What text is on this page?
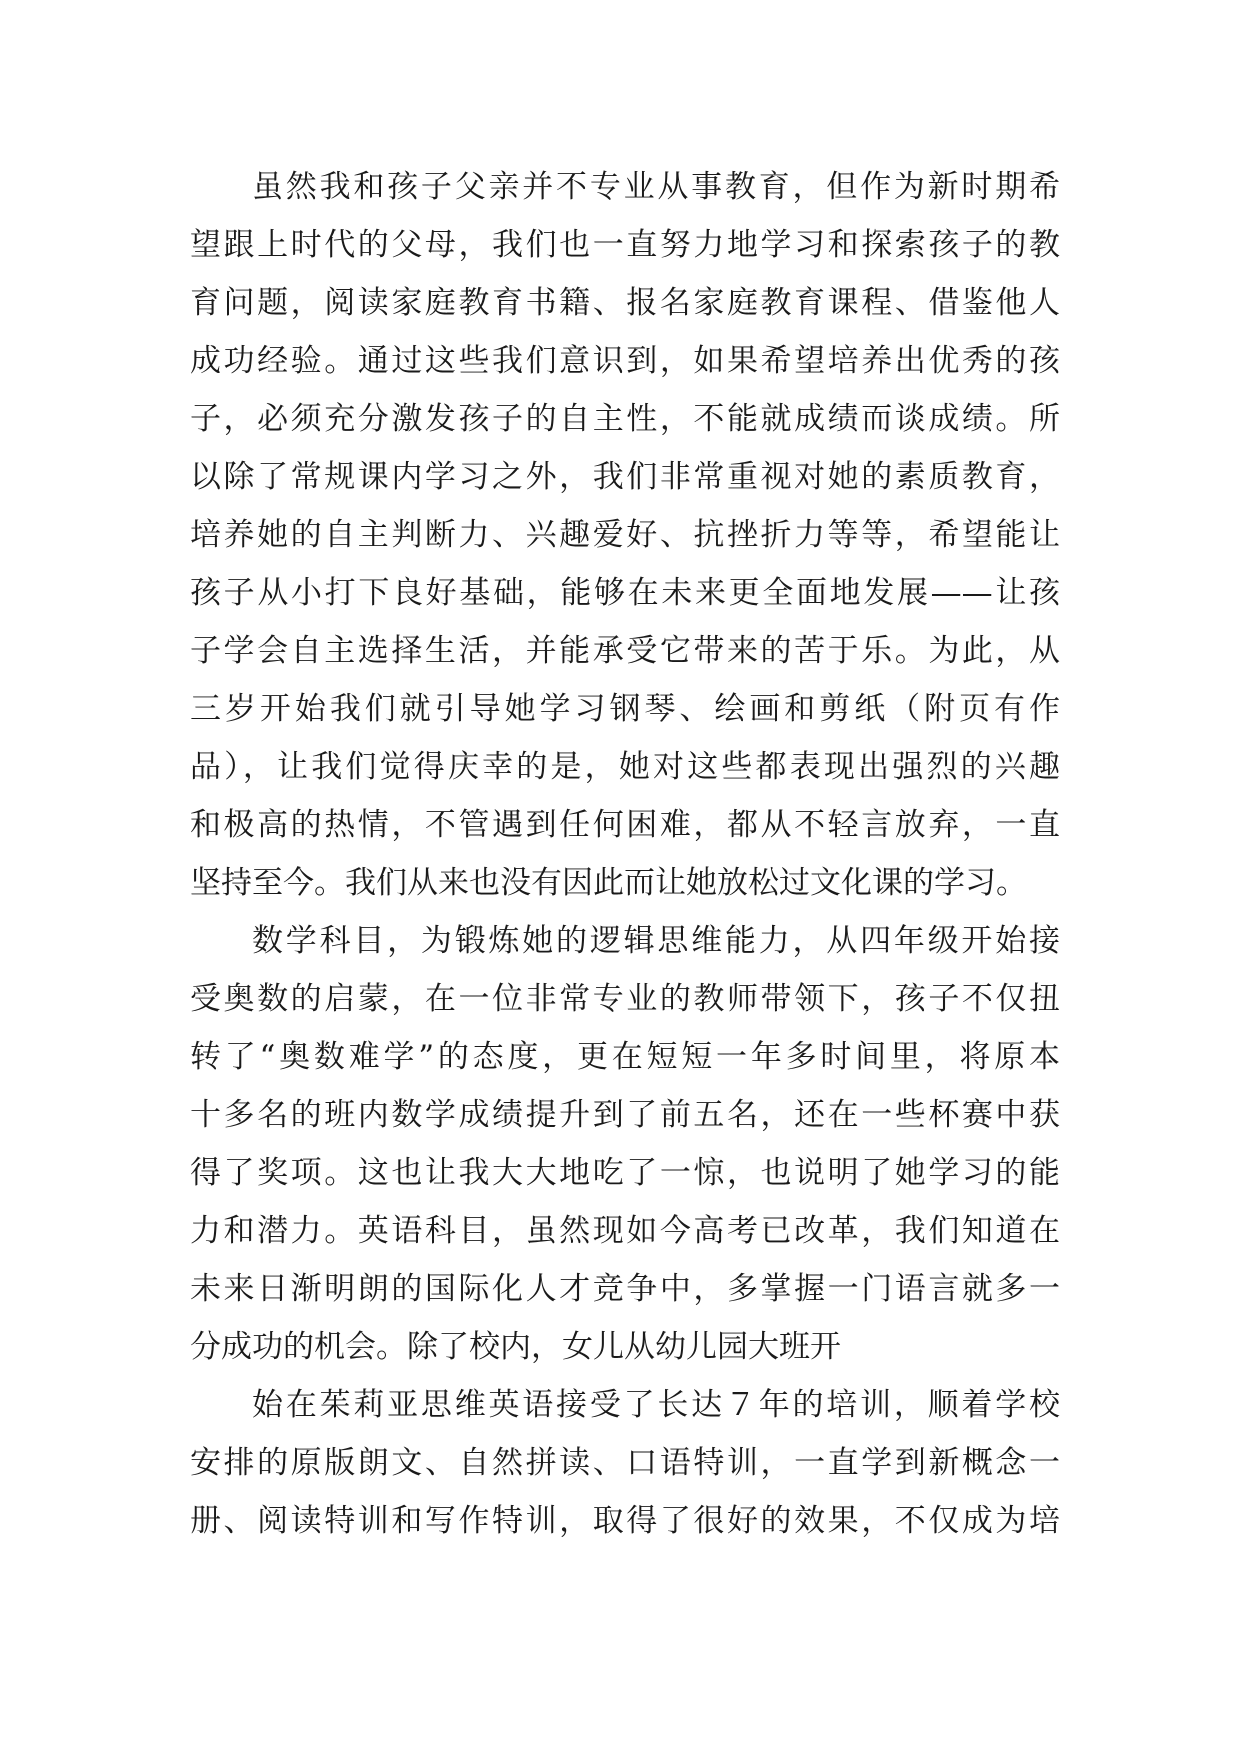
虽然我和孩子父亲并不专业从事教育，但作为新时期希
望跟上时代的父母，我们也一直努力地学习和探索孩子的教
育问题，阅读家庭教育书籍、报名家庭教育课程、借鉴他人
成功经验。通过这些我们意识到，如果希望培养出优秀的孩
子，必须充分激发孩子的自主性，不能就成绩而谈成绩。所
以除了常规课内学习之外，我们非常重视对她的素质教育，
培养她的自主判断力、兴趣爱好、抗挫折力等等，希望能让
孩子从小打下良好基础，能够在未来更全面地发展——让孩
子学会自主选择生活，并能承受它带来的苦于乐。为此，从
三岁开始我们就引导她学习钢琴、绘画和剪纸（附页有作
品），让我们觉得庆幸的是，她对这些都表现出强烈的兴趣
和极高的热情，不管遇到任何困难，都从不轻言放弃，一直
坚持至今。我们从来也没有因此而让她放松过文化课的学习。
数学科目，为锻炼她的逻辑思维能力，从四年级开始接
受奥数的启蒙，在一位非常专业的教师带领下，孩子不仅扭
转了“奥数难学”的态度，更在短短一年多时间里，将原本
十多名的班内数学成绩提升到了前五名，还在一些杯赛中获
得了奖项。这也让我大大地吃了一惊，也说明了她学习的能
力和潜力。英语科目，虽然现如今高考已改革，我们知道在
未来日渐明朗的国际化人才竞争中，多掌握一门语言就多一
分成功的机会。除了校内，女儿从幼儿园大班开
始在茱莉亚思维英语接受了长达７年的培训，顺着学校
安排的原版朗文、自然拼读、口语特训，一直学到新概念一
册、阅读特训和写作特训，取得了很好的效果，不仅成为培
